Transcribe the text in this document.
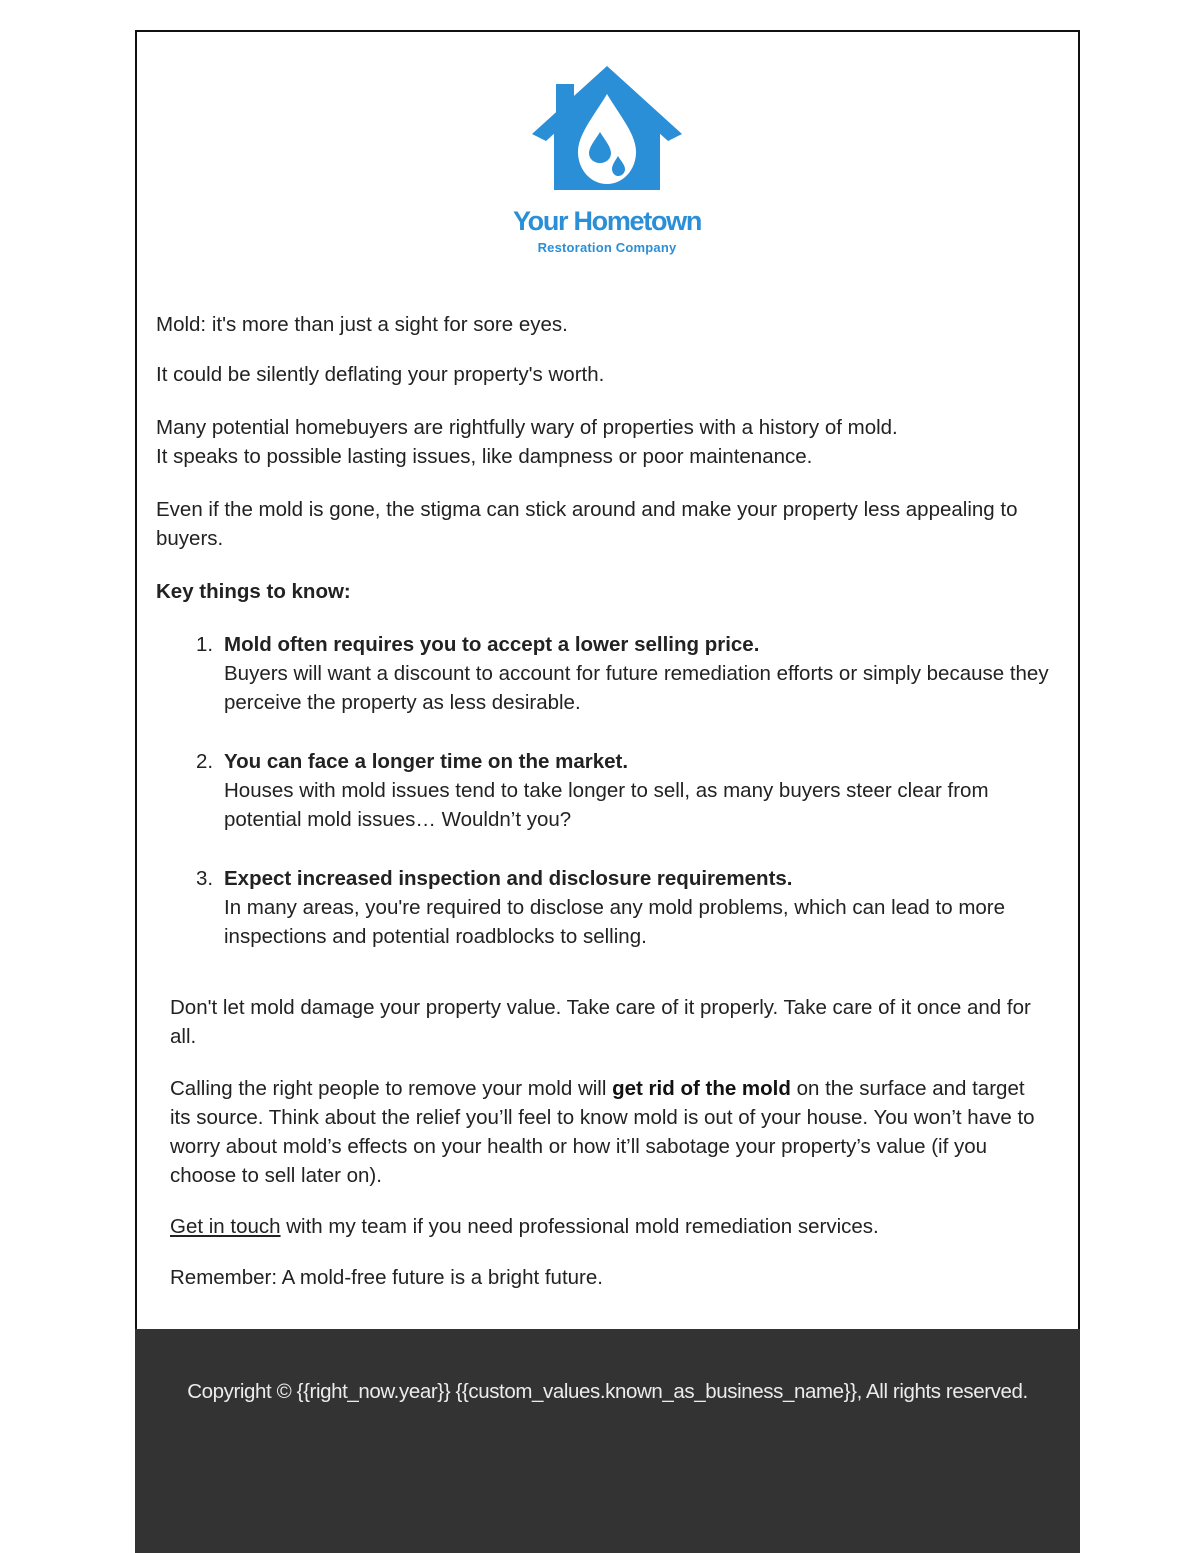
Your Hometown
Restoration Company

Mold: it's more than just a sight for sore eyes.

It could be silently deflating your property's worth.

Many potential homebuyers are rightfully wary of properties with a history of mold.
It speaks to possible lasting issues, like dampness or poor maintenance.

Even if the mold is gone, the stigma can stick around and make your property less appealing to buyers.

Key things to know:

1. Mold often requires you to accept a lower selling price.
Buyers will want a discount to account for future remediation efforts or simply because they perceive the property as less desirable.
2. You can face a longer time on the market.
Houses with mold issues tend to take longer to sell, as many buyers steer clear from potential mold issues… Wouldn’t you?
3. Expect increased inspection and disclosure requirements.
In many areas, you're required to disclose any mold problems, which can lead to more inspections and potential roadblocks to selling.

Don't let mold damage your property value. Take care of it properly. Take care of it once and for all.

Calling the right people to remove your mold will get rid of the mold on the surface and target its source. Think about the relief you’ll feel to know mold is out of your house. You won’t have to worry about mold’s effects on your health or how it’ll sabotage your property’s value (if you choose to sell later on).

Get in touch with my team if you need professional mold remediation services.

Remember: A mold-free future is a bright future.

Copyright © {{right_now.year}} {{custom_values.known_as_business_name}}, All rights reserved.
